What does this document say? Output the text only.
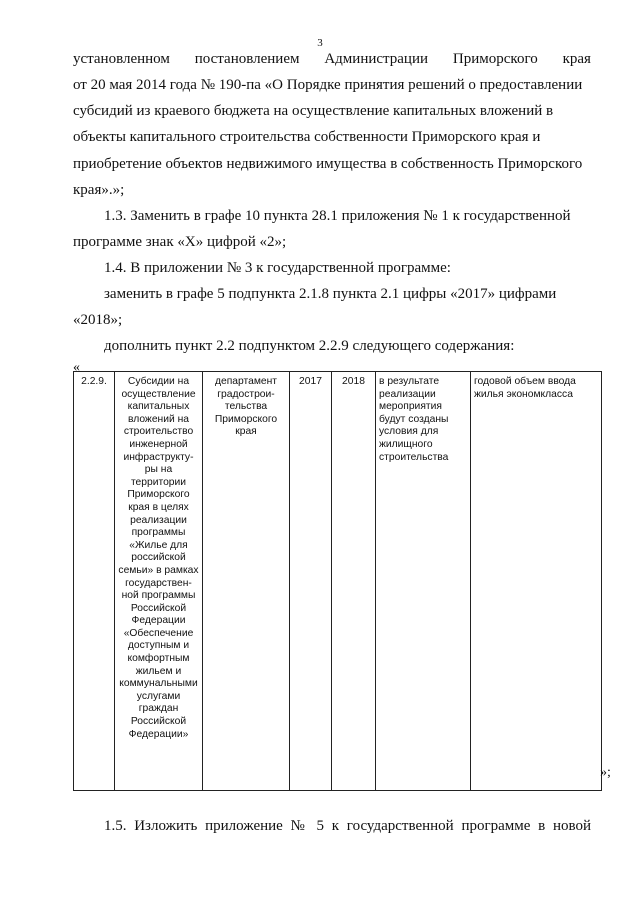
3
установленном постановлением Администрации Приморского края
от 20 мая 2014 года № 190-па «О Порядке принятия решений о предоставлении
субсидий из краевого бюджета на осуществление капитальных вложений в
объекты капитального строительства собственности Приморского края и
приобретение объектов недвижимого имущества в собственность Приморского
края».»;
1.3. Заменить в графе 10 пункта 28.1 приложения № 1 к государственной
программе знак «Х» цифрой «2»;
1.4. В приложении № 3 к государственной программе:
заменить в графе 5 подпункта 2.1.8 пункта 2.1 цифры «2017» цифрами
«2018»;
дополнить пункт 2.2 подпунктом 2.2.9 следующего содержания:
«
2.2.9.	Субсидии на осуществление капитальных вложений на строительство инженерной инфраструкту-ры на территории Приморского края в целях реализации программы «Жилье для российской семьи» в рамках государствен-ной программы Российской Федерации «Обеспечение доступным и комфортным жильем и коммунальными услугами граждан Российской Федерации»	департамент градострои-тельства Приморского края	2017	2018	в результате реализации мероприятия будут созданы условия для жилищного строительства	годовой объем ввода жилья экономкласса
»;
1.5. Изложить приложение № 5 к государственной программе в новой
